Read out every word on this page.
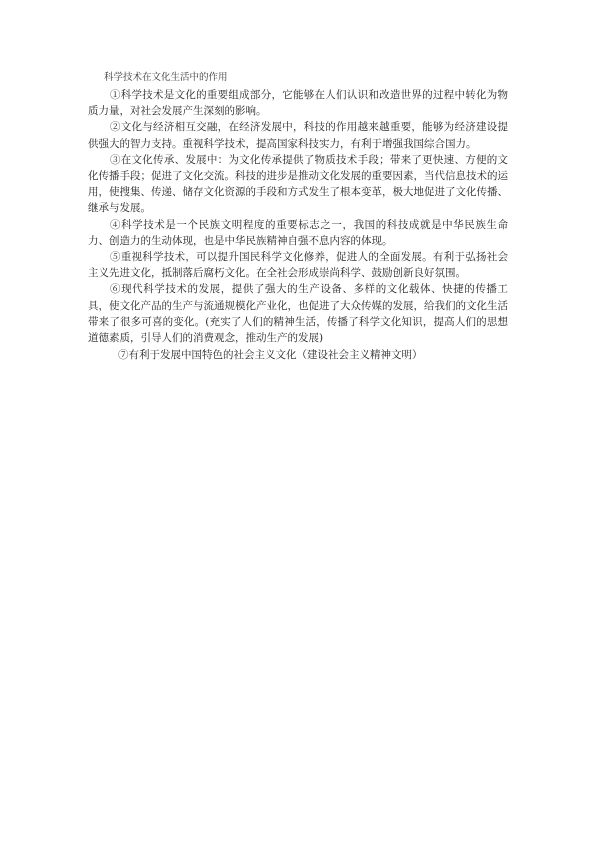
科学技术在文化生活中的作用

①科学技术是文化的重要组成部分，它能够在人们认识和改造世界的过程中转化为物质力量，对社会发展产生深刻的影响。

②文化与经济相互交融，在经济发展中，科技的作用越来越重要，能够为经济建设提供强大的智力支持。重视科学技术，提高国家科技实力，有利于增强我国综合国力。

③在文化传承、发展中：为文化传承提供了物质技术手段；带来了更快速、方便的文化传播手段；促进了文化交流。科技的进步是推动文化发展的重要因素，当代信息技术的运用，使搜集、传递、储存文化资源的手段和方式发生了根本变革，极大地促进了文化传播、继承与发展。

④科学技术是一个民族文明程度的重要标志之一，我国的科技成就是中华民族生命力、创造力的生动体现，也是中华民族精神自强不息内容的体现。

⑤重视科学技术，可以提升国民科学文化修养，促进人的全面发展。有利于弘扬社会主义先进文化，抵制落后腐朽文化。在全社会形成崇尚科学、鼓励创新良好氛围。

⑥现代科学技术的发展，提供了强大的生产设备、多样的文化载体、快捷的传播工具，使文化产品的生产与流通规模化产业化，也促进了大众传媒的发展，给我们的文化生活带来了很多可喜的变化。(充实了人们的精神生活，传播了科学文化知识，提高人们的思想道德素质，引导人们的消费观念，推动生产的发展)

⑦有利于发展中国特色的社会主义文化（建设社会主义精神文明）
